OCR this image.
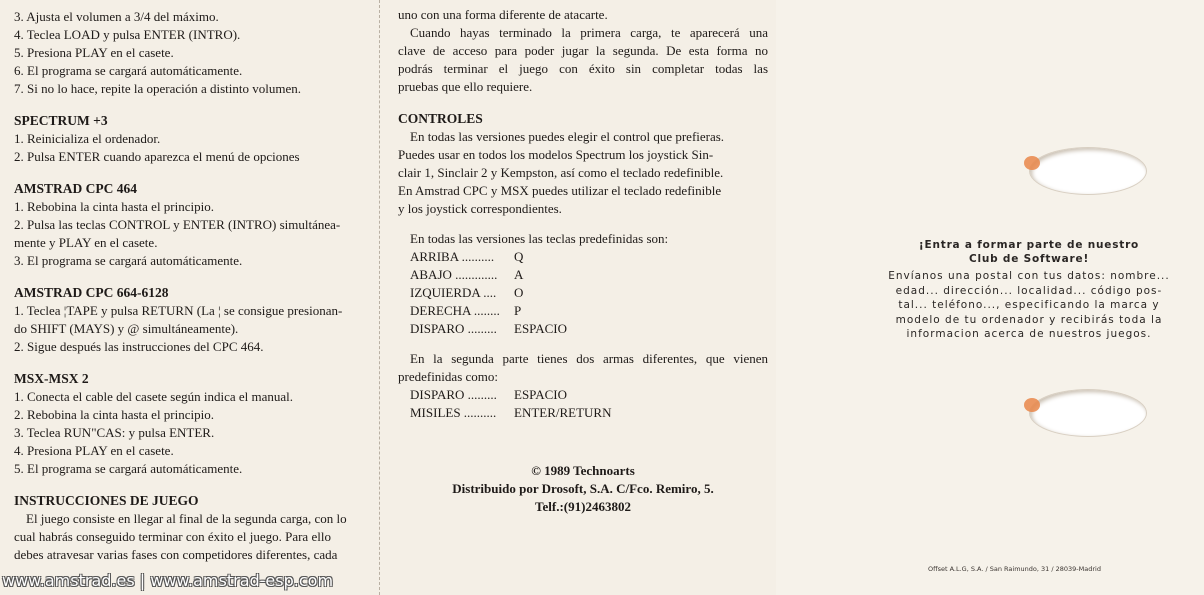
3. Ajusta el volumen a 3/4 del máximo.
4. Teclea LOAD y pulsa ENTER (INTRO).
5. Presiona PLAY en el casete.
6. El programa se cargará automáticamente.
7. Si no lo hace, repite la operación a distinto volumen.
SPECTRUM +3
1. Reinicializa el ordenador.
2. Pulsa ENTER cuando aparezca el menú de opciones
AMSTRAD CPC 464
1. Rebobina la cinta hasta el principio.
2. Pulsa las teclas CONTROL y ENTER (INTRO) simultánea-
mente y PLAY en el casete.
3. El programa se cargará automáticamente.
AMSTRAD CPC 664-6128
1. Teclea ¦TAPE y pulsa RETURN (La ¦ se consigue presionan-
do SHIFT (MAYS) y @ simultáneamente).
2. Sigue después las instrucciones del CPC 464.
MSX-MSX 2
1. Conecta el cable del casete según indica el manual.
2. Rebobina la cinta hasta el principio.
3. Teclea RUN"CAS: y pulsa ENTER.
4. Presiona PLAY en el casete.
5. El programa se cargará automáticamente.
INSTRUCCIONES DE JUEGO
El juego consiste en llegar al final de la segunda carga, con lo
cual habrás conseguido terminar con éxito el juego. Para ello
debes atravesar varias fases con competidores diferentes, cada
uno con una forma diferente de atacarte.
Cuando hayas terminado la primera carga, te aparecerá una
clave de acceso para poder jugar la segunda. De esta forma no
podrás terminar el juego con éxito sin completar todas las
pruebas que ello requiere.
CONTROLES
En todas las versiones puedes elegir el control que prefieras.
Puedes usar en todos los modelos Spectrum los joystick Sin-
clair 1, Sinclair 2 y Kempston, así como el teclado redefinible.
En Amstrad CPC y MSX puedes utilizar el teclado redefinible
y los joystick correspondientes.
En todas las versiones las teclas predefinidas son:
ARRIBA ..........	Q
ABAJO .............	A
IZQUIERDA ....	O
DERECHA ........	P
DISPARO .........	ESPACIO
En la segunda parte tienes dos armas diferentes, que vienen
predefinidas como:
DISPARO .........	ESPACIO
MISILES ..........	ENTER/RETURN
© 1989 Technoarts
Distribuido por Drosoft, S.A. C/Fco. Remiro, 5.
Telf.:(91)2463802
¡Entra a formar parte de nuestro
Club de Software!
Envíanos una postal con tus datos: nombre...
edad... dirección... localidad... código pos-
tal... teléfono..., especificando la marca y
modelo de tu ordenador y recibirás toda la
informacion acerca de nuestros juegos.
Offset A.L.G, S.A. / San Raimundo, 31 / 28039-Madrid
www.amstrad.es | www.amstrad-esp.com
